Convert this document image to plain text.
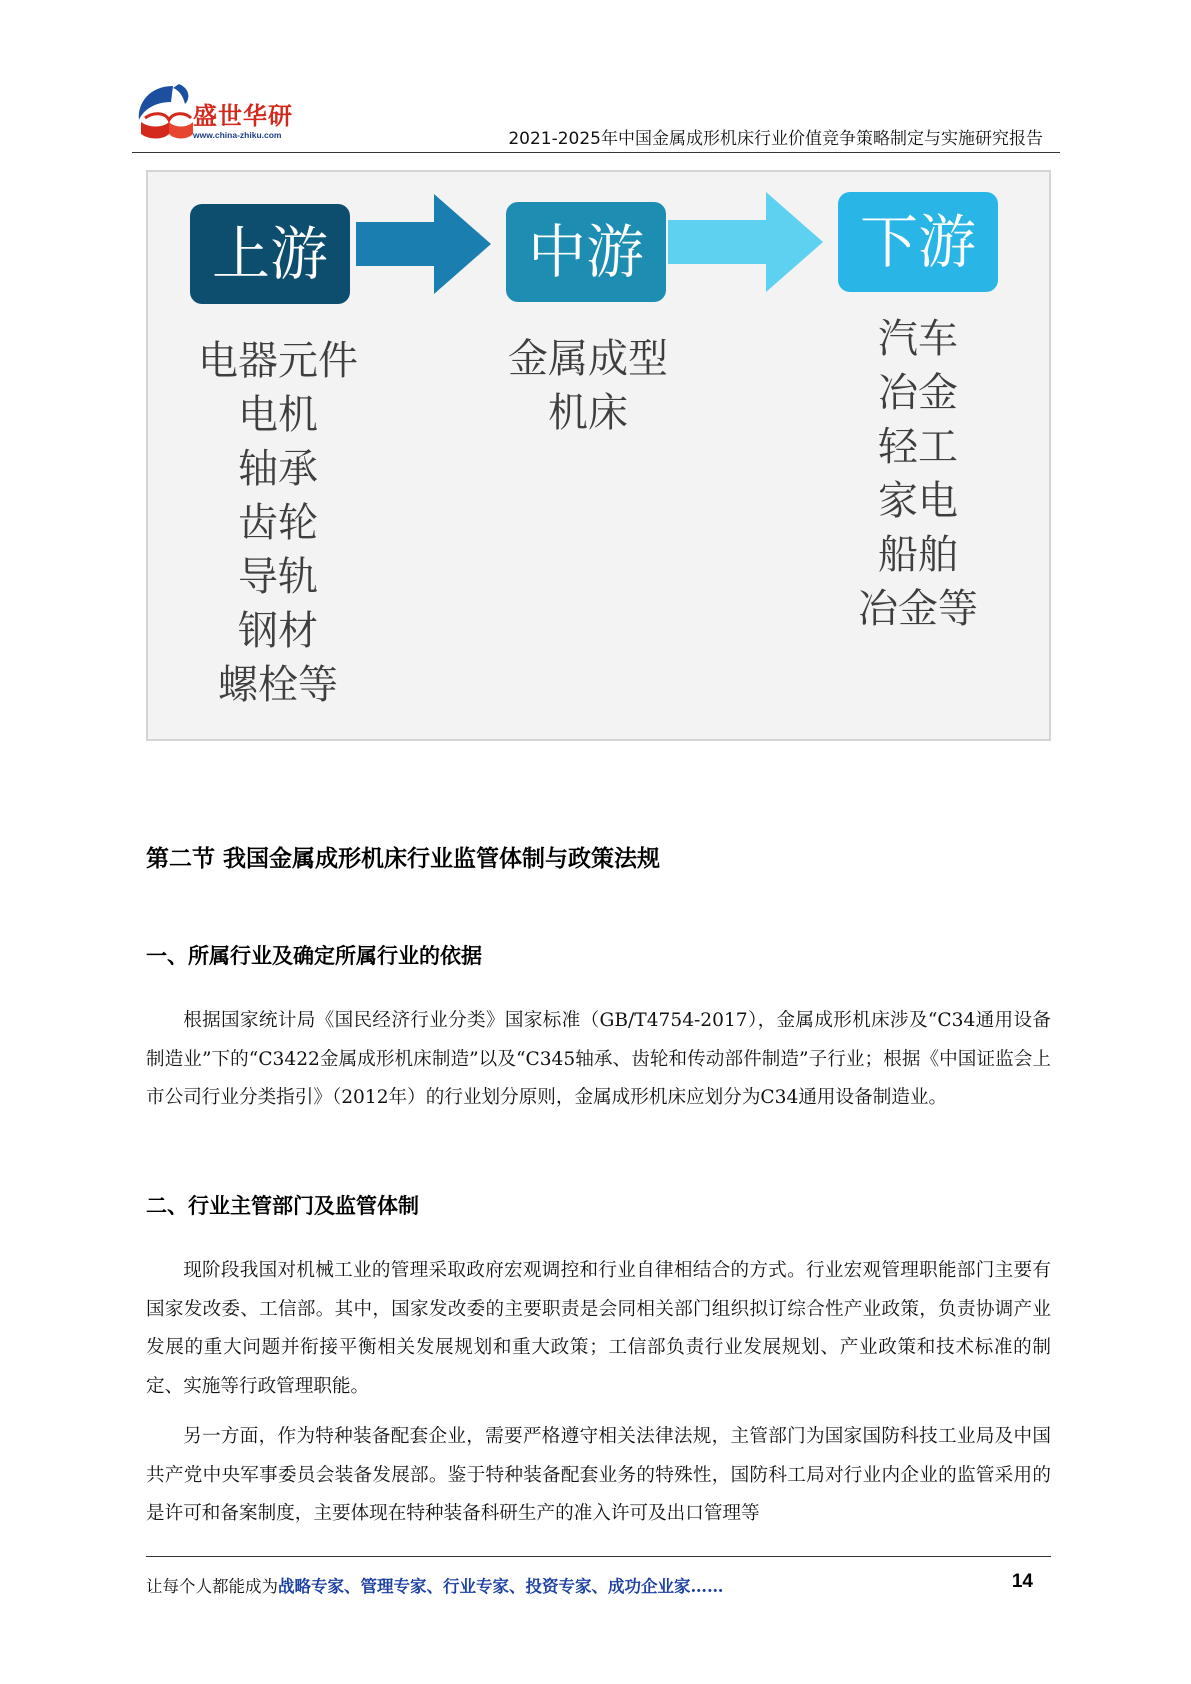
盛世华研
www.china-zhiku.com	2021-2025年中国金属成形机床行业价值竞争策略制定与实施研究报告
上游	中游	下游
电器元件
电机
轴承
齿轮
导轨
钢材
螺栓等
金属成型
机床
汽车
冶金
轻工
家电
船舶
冶金等
第二节 我国金属成形机床行业监管体制与政策法规
一、所属行业及确定所属行业的依据

根据国家统计局《国民经济行业分类》国家标准（GB/T4754-2017），金属成形机床涉及“C34通用设备制造业”下的“C3422金属成形机床制造”以及“C345轴承、齿轮和传动部件制造”子行业；根据《中国证监会上市公司行业分类指引》（2012年）的行业划分原则，金属成形机床应划分为C34通用设备制造业。

二、行业主管部门及监管体制

现阶段我国对机械工业的管理采取政府宏观调控和行业自律相结合的方式。行业宏观管理职能部门主要有国家发改委、工信部。其中，国家发改委的主要职责是会同相关部门组织拟订综合性产业政策，负责协调产业发展的重大问题并衔接平衡相关发展规划和重大政策；工信部负责行业发展规划、产业政策和技术标准的制定、实施等行政管理职能。

另一方面，作为特种装备配套企业，需要严格遵守相关法律法规，主管部门为国家国防科技工业局及中国共产党中央军事委员会装备发展部。鉴于特种装备配套业务的特殊性，国防科工局对行业内企业的监管采用的是许可和备案制度，主要体现在特种装备科研生产的准入许可及出口管理等

让每个人都能成为战略专家、管理专家、行业专家、投资专家、成功企业家……	14
